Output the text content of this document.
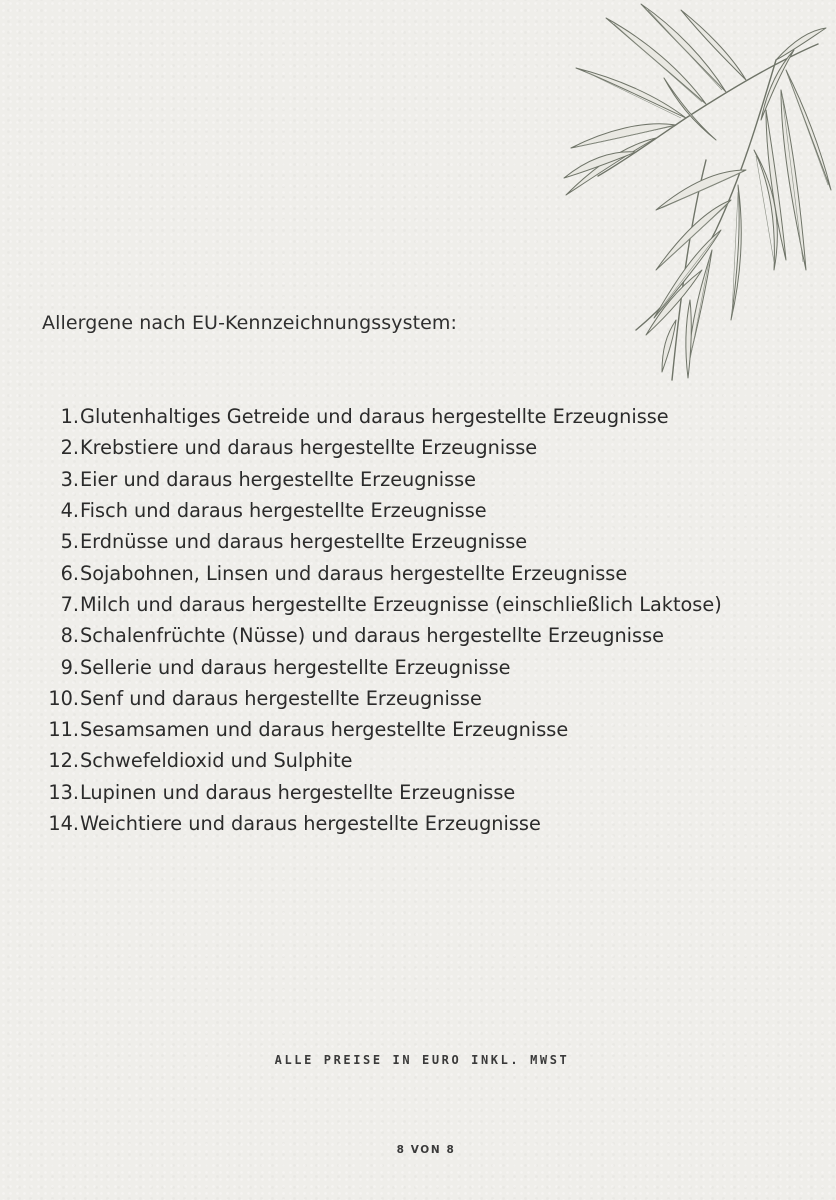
Allergene nach EU-Kennzeichnungssystem:
1. Glutenhaltiges Getreide und daraus hergestellte Erzeugnisse
2. Krebstiere und daraus hergestellte Erzeugnisse
3. Eier und daraus hergestellte Erzeugnisse
4. Fisch und daraus hergestellte Erzeugnisse
5. Erdnüsse und daraus hergestellte Erzeugnisse
6. Sojabohnen, Linsen und daraus hergestellte Erzeugnisse
7. Milch und daraus hergestellte Erzeugnisse (einschließlich Laktose)
8. Schalenfrüchte (Nüsse) und daraus hergestellte Erzeugnisse
9. Sellerie und daraus hergestellte Erzeugnisse
10. Senf und daraus hergestellte Erzeugnisse
11. Sesamsamen und daraus hergestellte Erzeugnisse
12. Schwefeldioxid und Sulphite
13. Lupinen und daraus hergestellte Erzeugnisse
14. Weichtiere und daraus hergestellte Erzeugnisse
ALLE PREISE IN EURO INKL. MWST
8 VON 8
